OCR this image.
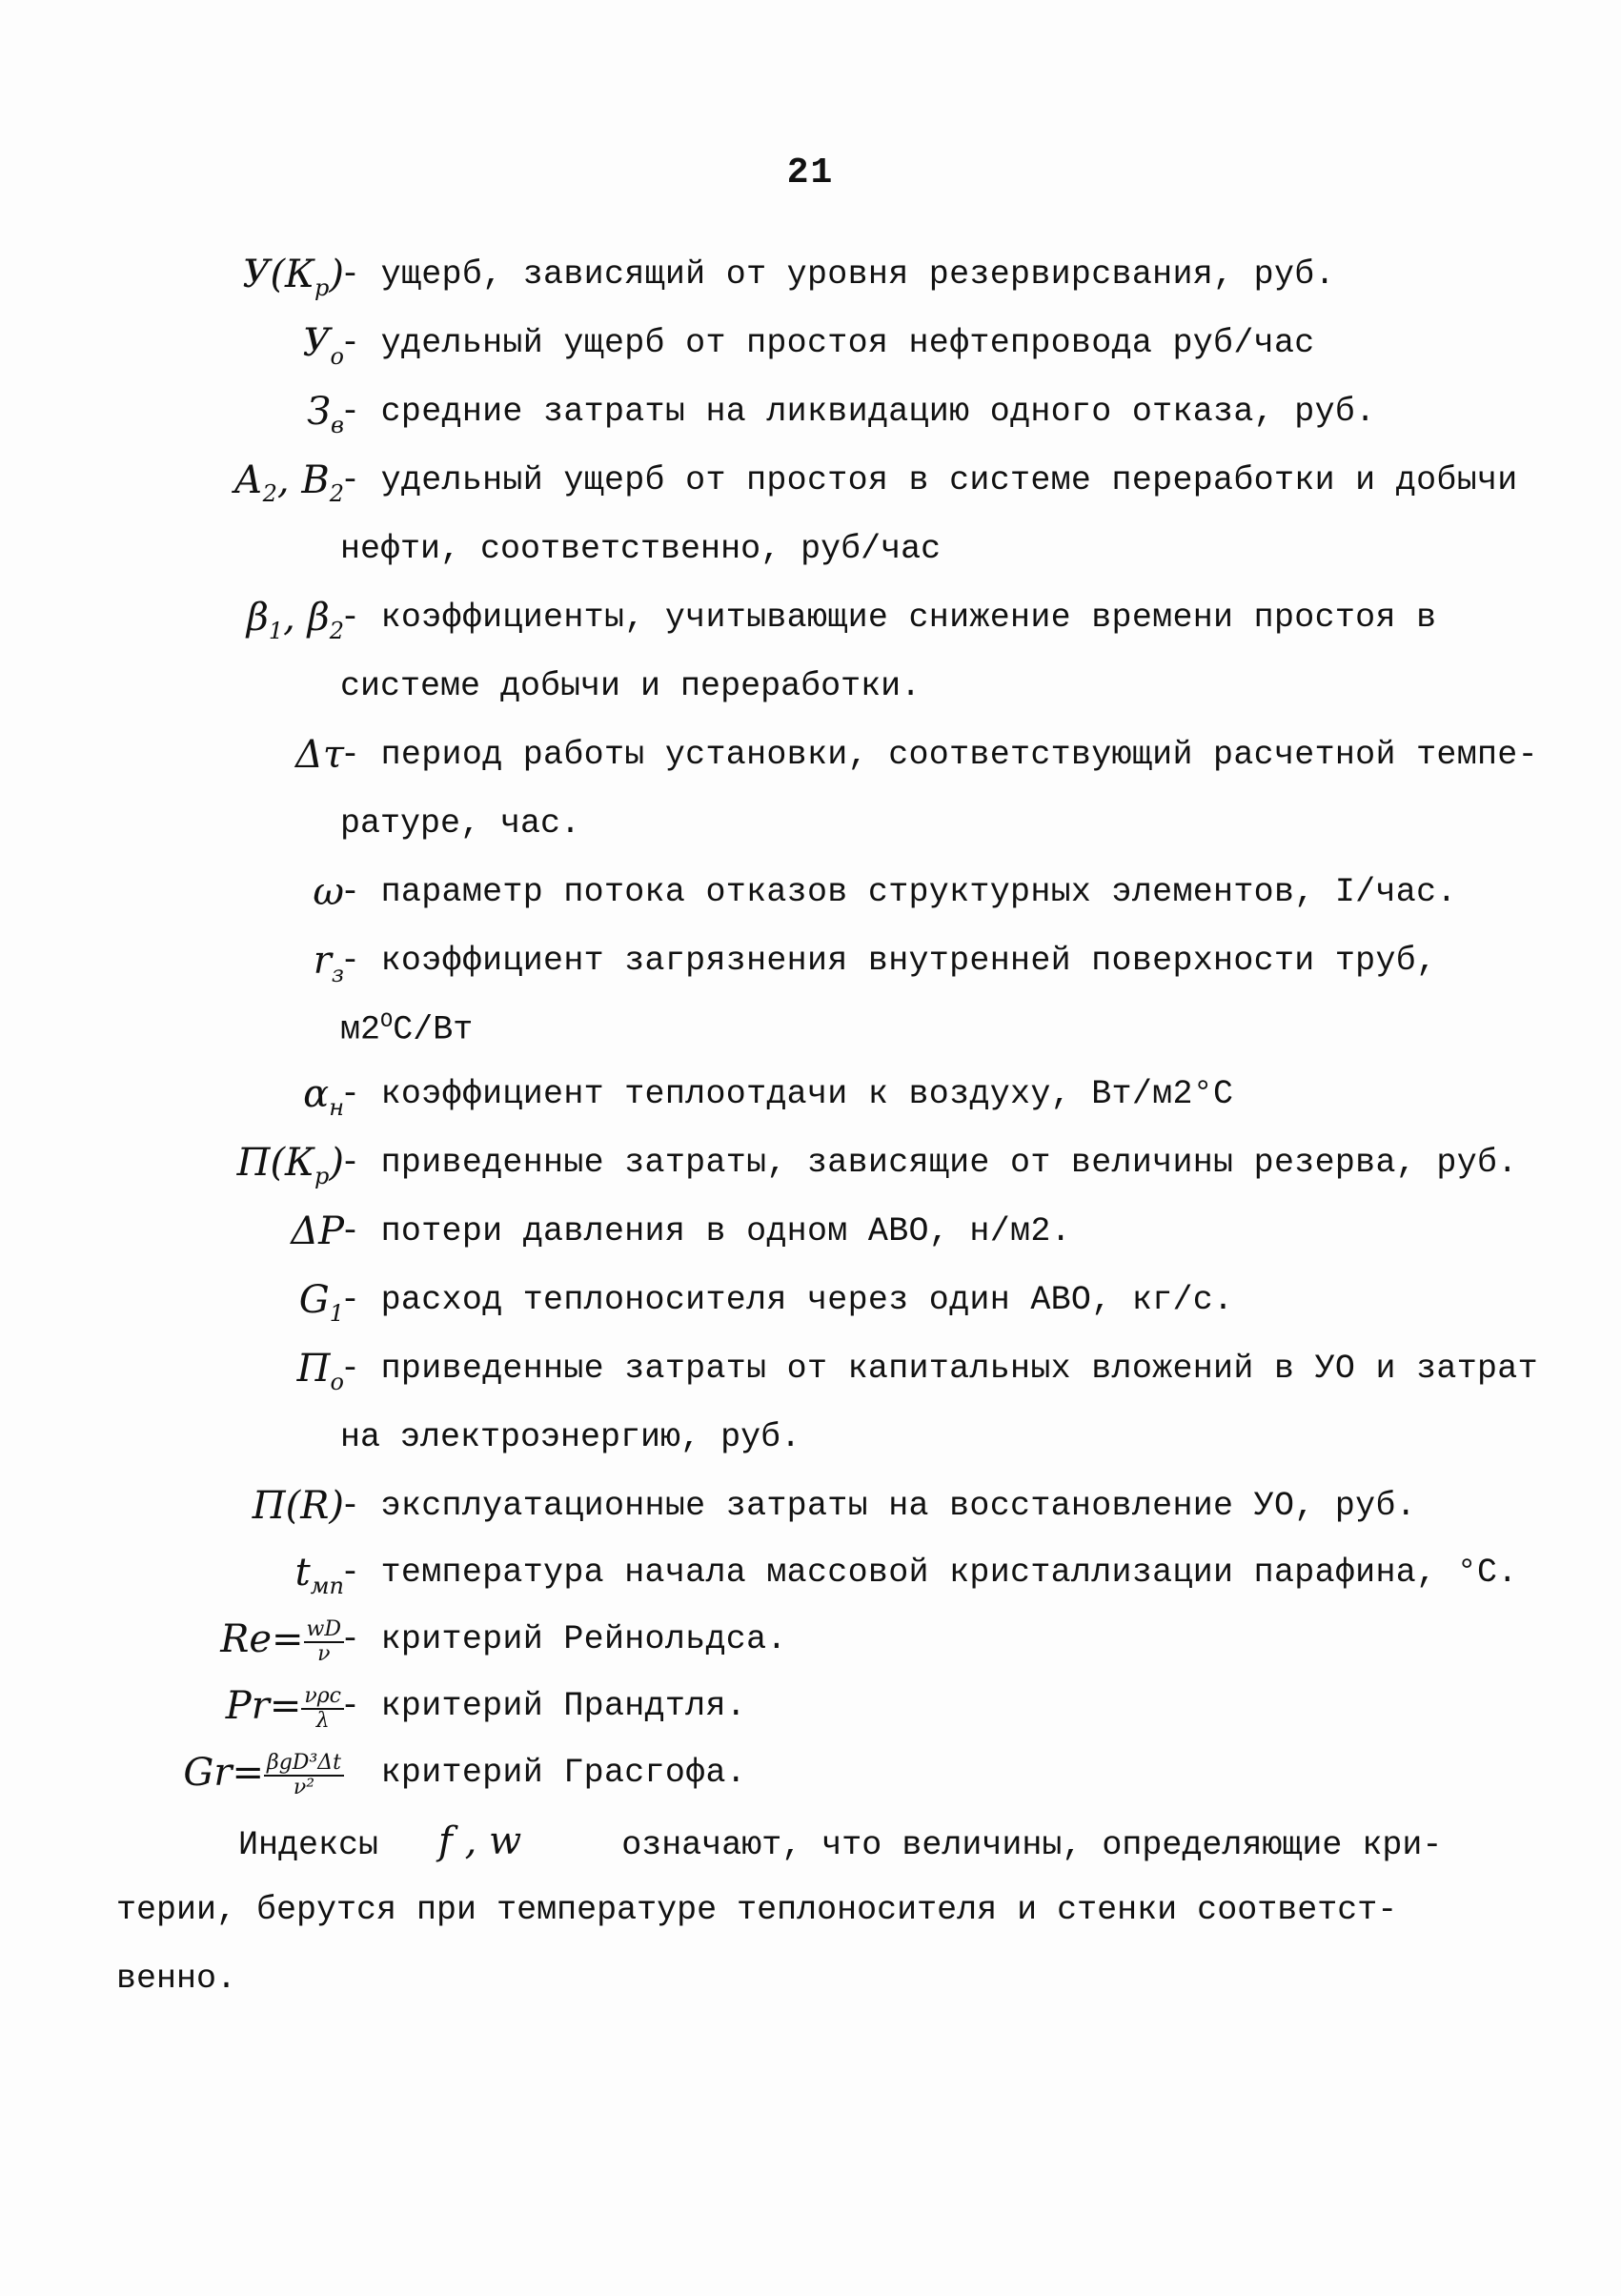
21
$У(К_р)$
- ущерб, зависящий от уровня резервирсвания, руб.
$У_о$
- удельный ущерб от простоя нефтепровода руб/час
$З_в$
- средние затраты на ликвидацию одного отказа, руб.
$А_2$, $В_2$
- удельный ущерб от простоя в системе переработки и добычи
нефти, соответственно, руб/час
$\beta_1$, $\beta_2$
- коэффициенты, учитывающие снижение времени простоя в
системе добычи и переработки.
Δτ
- период работы установки, соответствующий расчетной темпе-
ратуре, час.
ω
- параметр потока отказов структурных элементов, I/час.
$r_з$
- коэффициент загрязнения внутренней поверхности труб,
$м2^ОС/Вт$
$\alpha_н$
- коэффициент теплоотдачи к воздуху, Вт/м2°С
$П(К_р)$
- приведенные затраты, зависящие от величины резерва, руб.
ΔР
- потери давления в одном АВО, н/м2.
$G_1$
- расход теплоносителя через один АВО, кг/с.
$П_о$
- приведенные затраты от капитальных вложений в УО и затрат
на электроэнергию, руб.
П(R)
- эксплуатационные затраты на восстановление УО, руб.
$t_{мп}$
- температура начала массовой кристаллизации парафина, °С.
$Re= \frac{wD}{\nu}$
- критерий Рейнольдса.
$Pr= \frac{\text{νρc}}{\lambda}$
- критерий Прандтля.
$Gr= \frac{\text{βgD³Δt}}{\text{ν²}}$	критерий Грасгофа.
Индексы f , w	означают, что величины, определяющие кри-
терии, берутся при температуре теплоносителя и стенки соответст-
венно.
